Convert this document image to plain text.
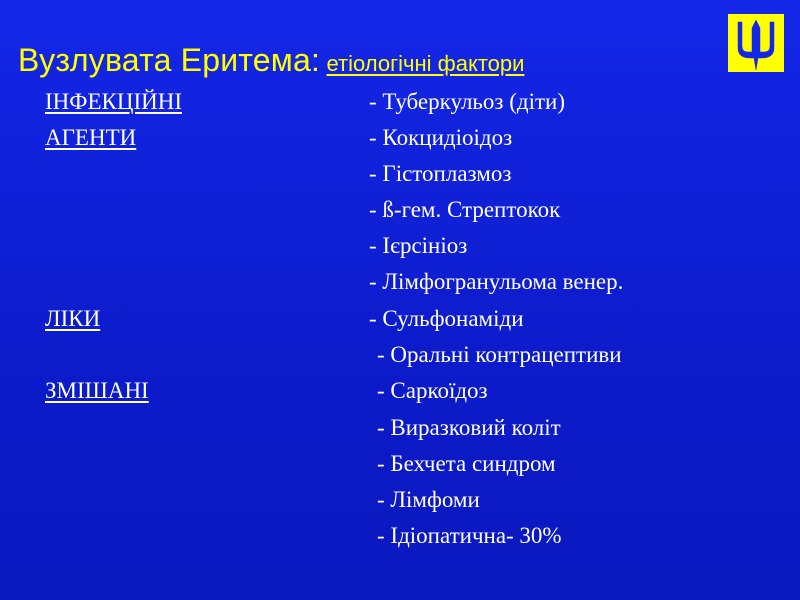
Вузлувата Еритема: етіологічні фактори
ІНФЕКЦІЙНІ
АГЕНТИ
ЛІКИ
ЗМІШАНІ
- Туберкульоз (діти)
- Кокцидіоідоз
- Гістоплазмоз
- ß-гем. Стрептокок
- Ієрсініоз
- Лімфогранульома венер.
- Сульфонаміди
- Оральні контрацептиви
- Саркоїдоз
- Виразковий коліт
- Бехчета синдром
- Лімфоми
- Ідіопатична- 30%
